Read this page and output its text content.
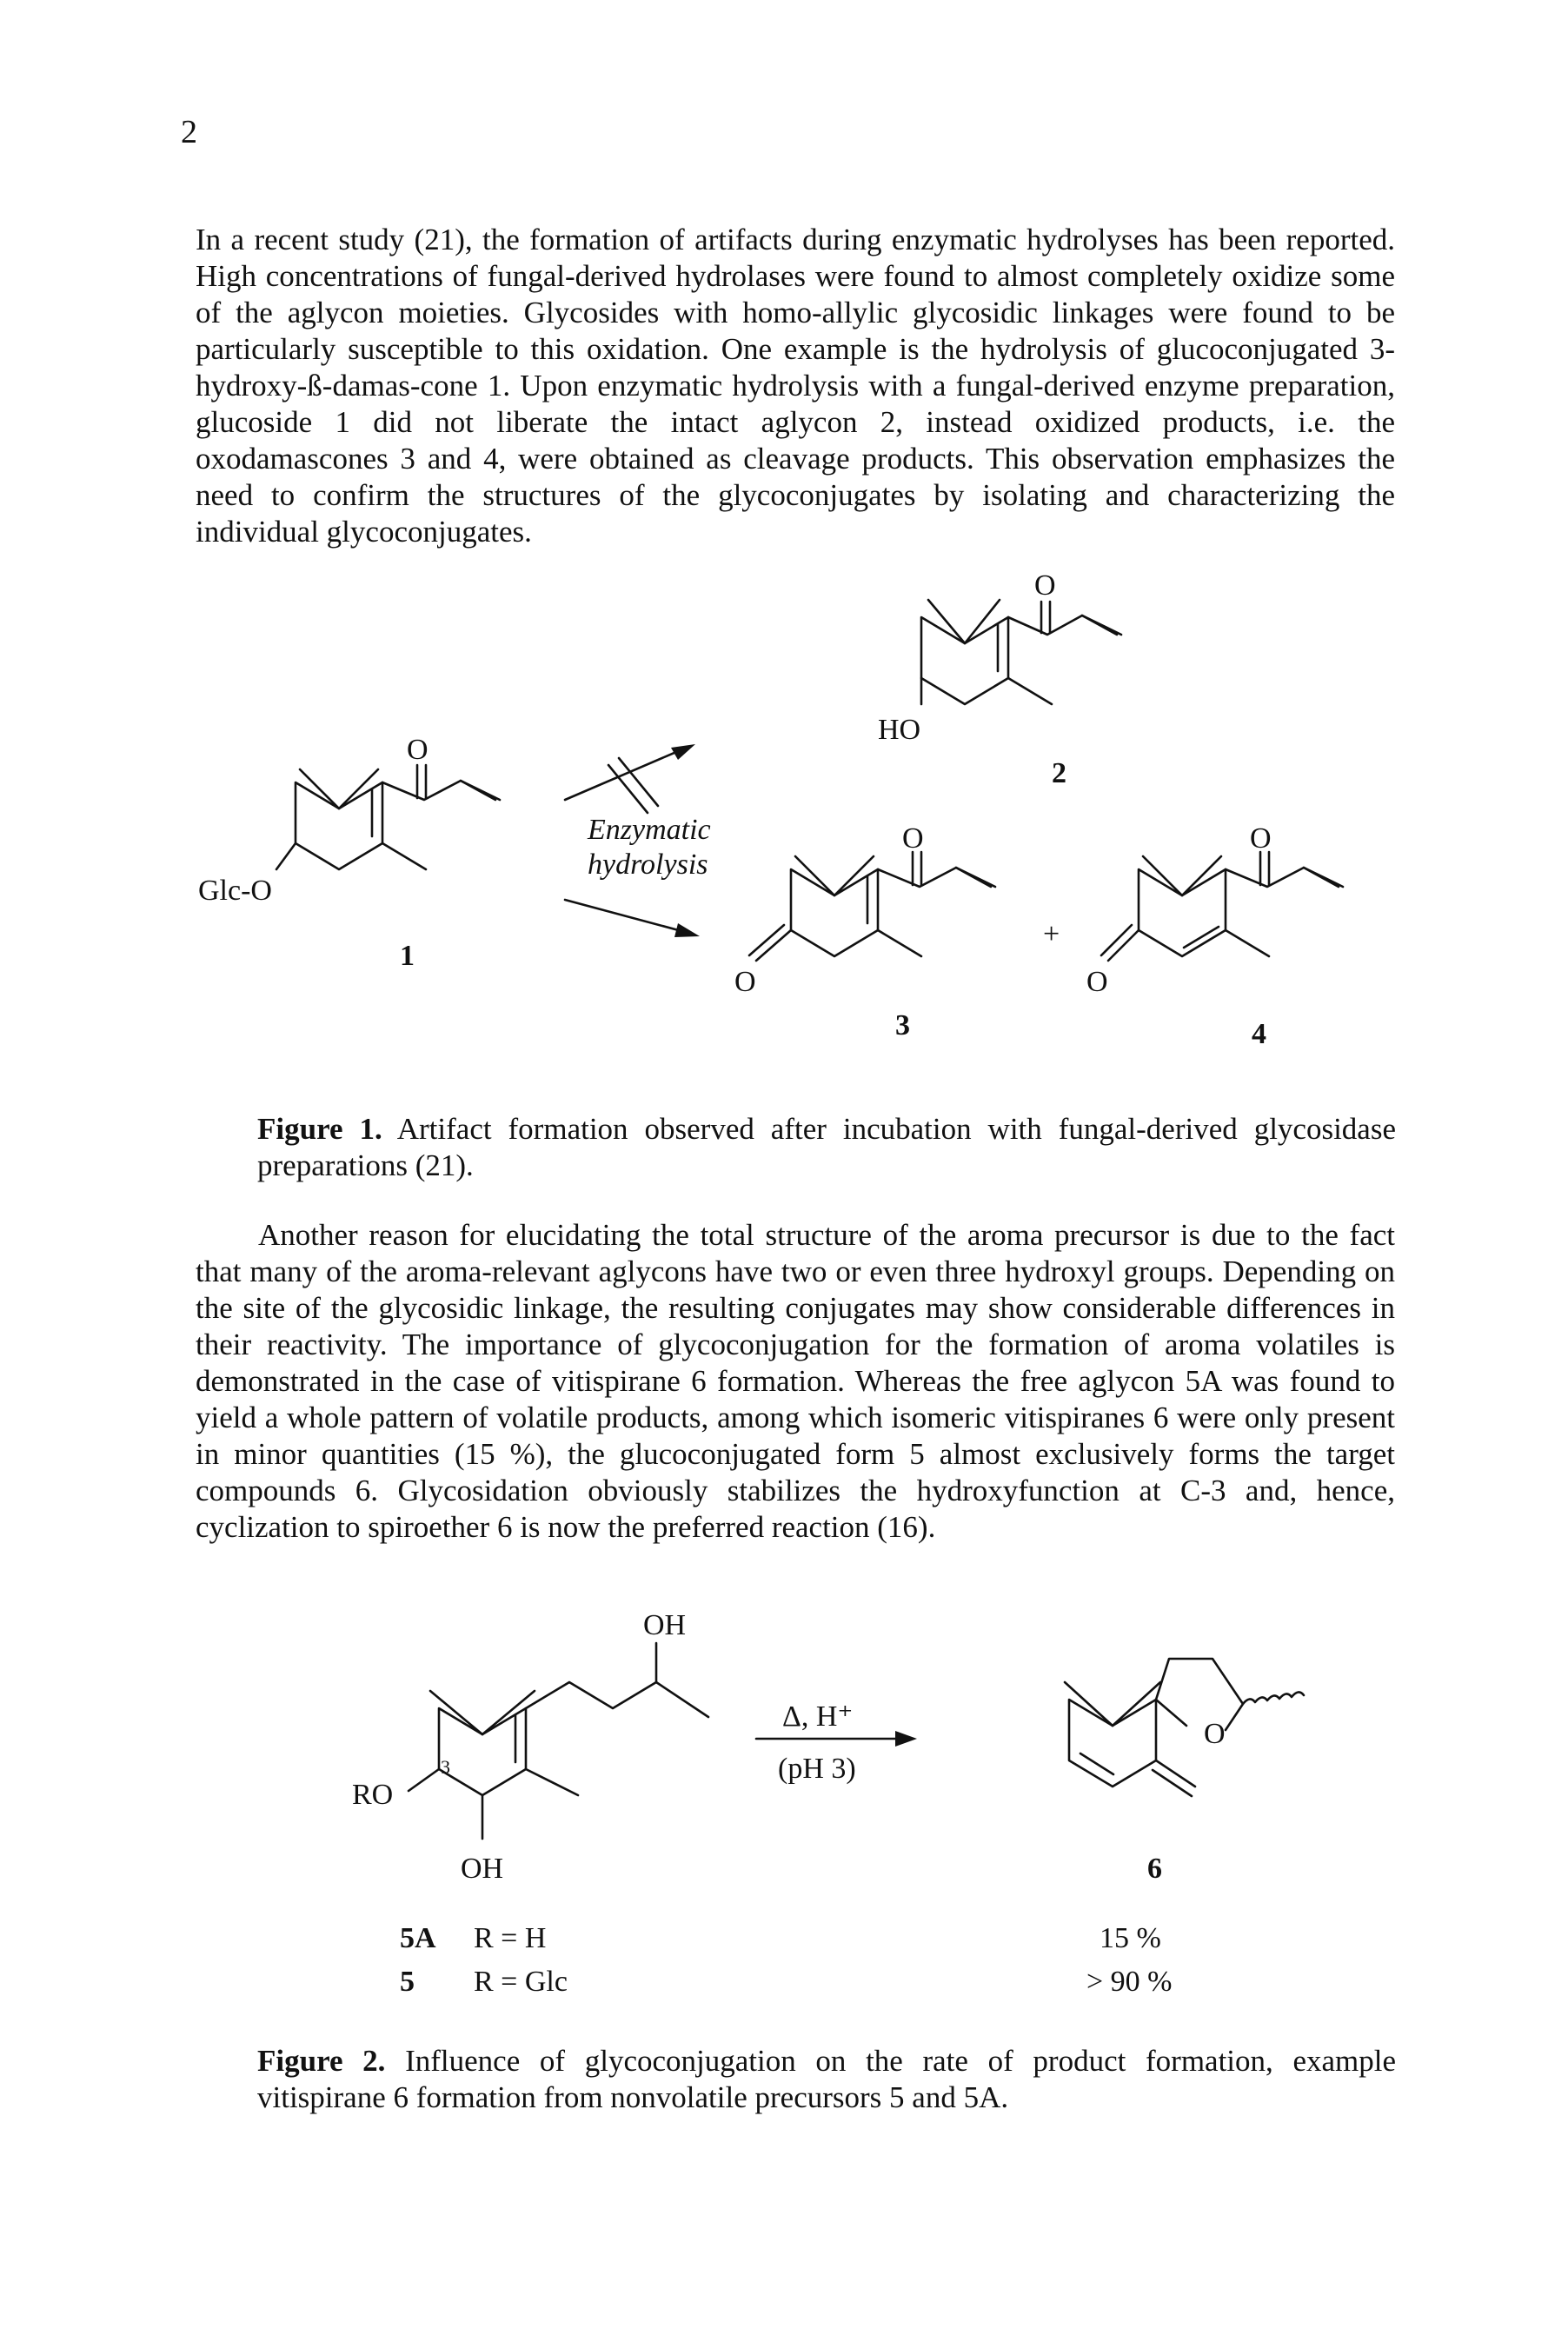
2

In a recent study (21), the formation of artifacts during enzymatic hydrolyses has been reported. High concentrations of fungal-derived hydrolases were found to almost completely oxidize some of the aglycon moieties. Glycosides with homo-allylic glycosidic linkages were found to be particularly susceptible to this oxidation. One example is the hydrolysis of glucoconjugated 3-hydroxy-ß-damas-cone 1. Upon enzymatic hydrolysis with a fungal-derived enzyme preparation, glucoside 1 did not liberate the intact aglycon 2, instead oxidized products, i.e. the oxodamascones 3 and 4, were obtained as cleavage products. This observation emphasizes the need to confirm the structures of the glycoconjugates by isolating and characterizing the individual glycoconjugates.

O
Glc-O
1
Enzymatic
hydrolysis
O
HO
2
O
O
3
+
O
O
4

Figure 1. Artifact formation observed after incubation with fungal-derived glycosidase preparations (21).

Another reason for elucidating the total structure of the aroma precursor is due to the fact that many of the aroma-relevant aglycons have two or even three hydroxyl groups. Depending on the site of the glycosidic linkage, the resulting conjugates may show considerable differences in their reactivity. The importance of glycoconjugation for the formation of aroma volatiles is demonstrated in the case of vitispirane 6 formation. Whereas the free aglycon 5A was found to yield a whole pattern of volatile products, among which isomeric vitispiranes 6 were only present in minor quantities (15 %), the glucoconjugated form 5 almost exclusively forms the target compounds 6. Glycosidation obviously stabilizes the hydroxyfunction at C-3 and, hence, cyclization to spiroether 6 is now the preferred reaction (16).

OH
OH
RO
3
Δ, H⁺
(pH 3)
O
6
5A R = H	15 %
5 R = Glc	> 90 %

Figure 2. Influence of glycoconjugation on the rate of product formation, example vitispirane 6 formation from nonvolatile precursors 5 and 5A.
